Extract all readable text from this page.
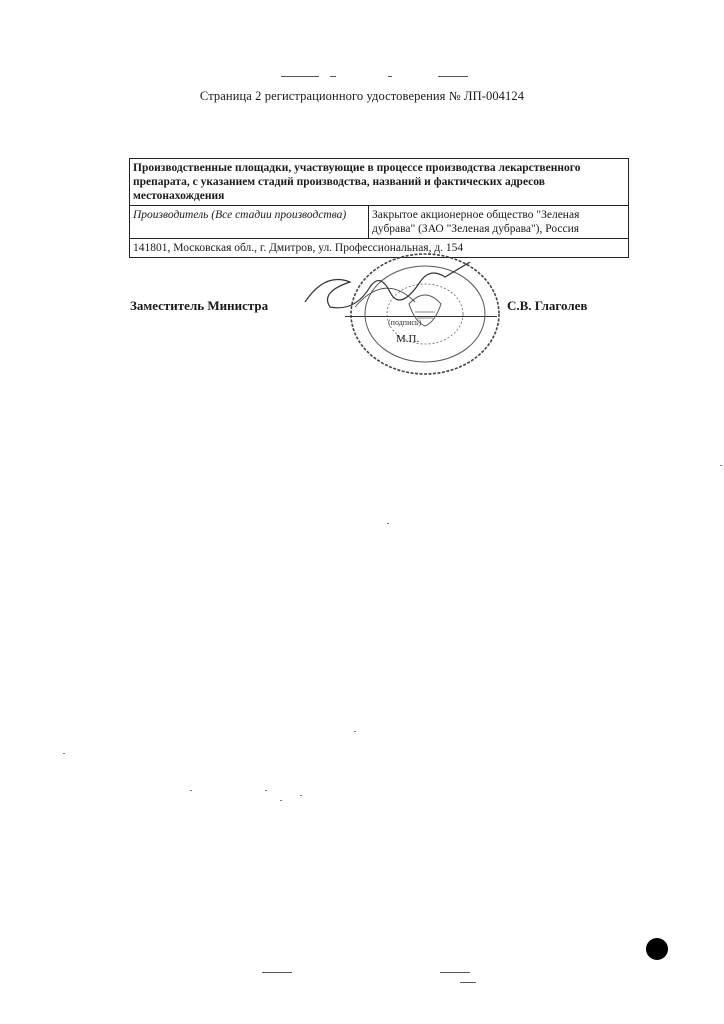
Страница 2 регистрационного удостоверения № ЛП-004124
Производственные площадки, участвующие в процессе производства лекарственного препарата, с указанием стадий производства, названий и фактических адресов местонахождения
Производитель (Все стадии производства)	Закрытое акционерное общество "Зеленая дубрава" (ЗАО "Зеленая дубрава"), Россия
141801, Московская обл., г. Дмитров, ул. Профессиональная, д. 154
Заместитель Министра
(подпись)
С.В. Глаголев
М.П.
